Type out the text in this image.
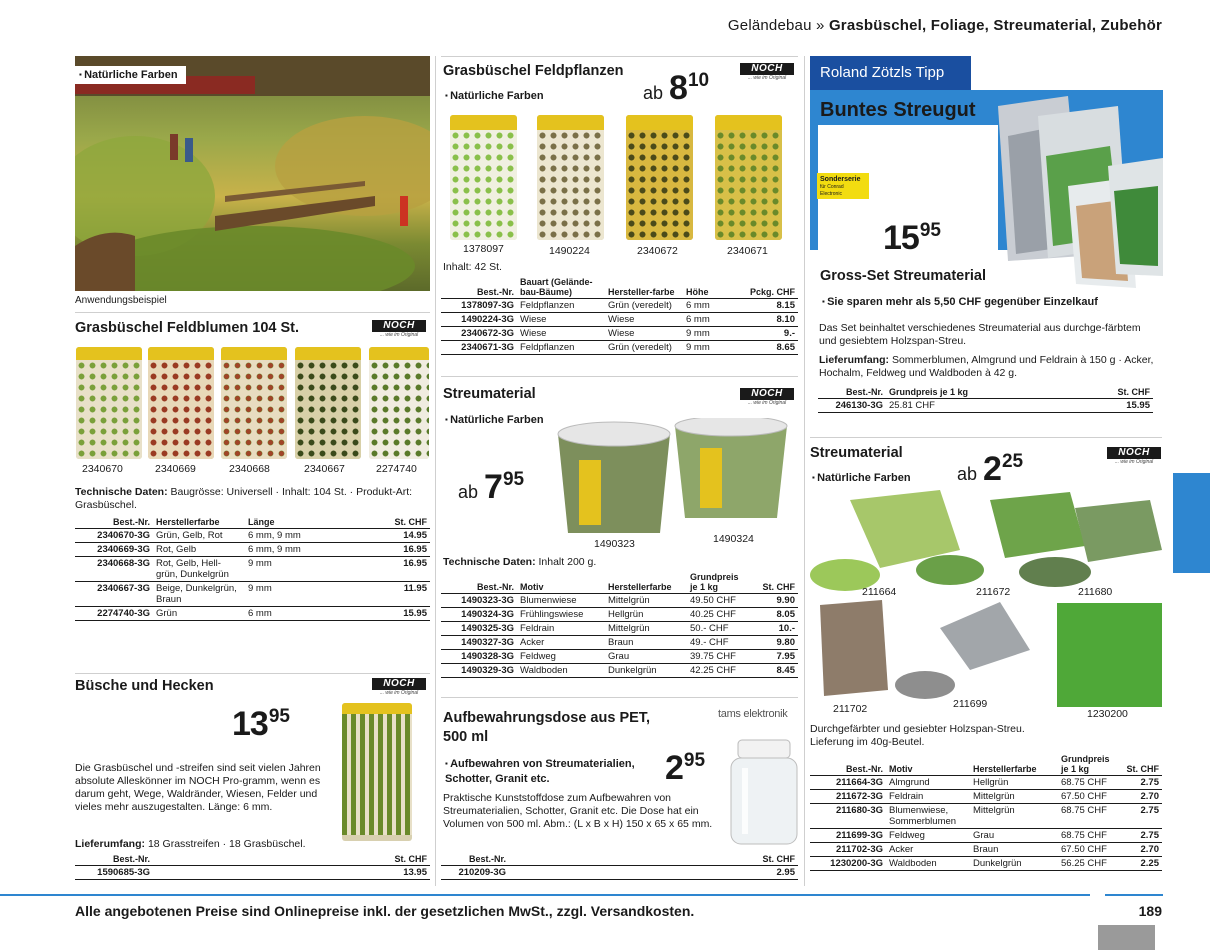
Geländebau » Grasbüschel, Foliage, Streumaterial, Zubehör
▪ Natürliche Farben
Anwendungsbeispiel
Grasbüschel Feldblumen 104 St.	NOCH
... wie im Original
2340670	2340669	2340668	2340667	2274740
Technische Daten: Baugrösse: Universell · Inhalt: 104 St. · Produkt-Art: Grasbüschel.
Best.-Nr.	Herstellerfarbe	Länge	St. CHF
2340670-3G	Grün, Gelb, Rot	6 mm, 9 mm	14.95
2340669-3G	Rot, Gelb	6 mm, 9 mm	16.95
2340668-3G	Rot, Gelb, Hell-grün, Dunkelgrün	9 mm	16.95
2340667-3G	Beige, Dunkelgrün, Braun	9 mm	11.95
2274740-3G	Grün	6 mm	15.95
Büsche und Hecken	NOCH
... wie im Original
13 95
Die Grasbüschel und -streifen sind seit vielen Jahren absolute Alleskönner im NOCH Pro-gramm, wenn es darum geht, Wege, Waldränder, Wiesen, Felder und vieles mehr auszugestalten. Länge: 6 mm.
Lieferumfang: 18 Grasstreifen · 18 Grasbüschel.
Best.-Nr.	St. CHF
1590685-3G	13.95
Grasbüschel Feldpflanzen	NOCH
... wie im Original
▪ Natürliche Farben	ab 8 10
1378097	1490224	2340672	2340671
Inhalt: 42 St.
Best.-Nr.	Bauart (Gelände-bau-Bäume)	Hersteller-farbe	Höhe	Pckg. CHF
1378097-3G	Feldpflanzen	Grün (veredelt)	6 mm	8.15
1490224-3G	Wiese	Wiese	6 mm	8.10
2340672-3G	Wiese	Wiese	9 mm	9.-
2340671-3G	Feldpflanzen	Grün (veredelt)	9 mm	8.65
Streumaterial	NOCH
... wie im Original
▪ Natürliche Farben
ab 7 95
1490323	1490324
Technische Daten: Inhalt 200 g.
Best.-Nr.	Motiv	Herstellerfarbe	Grundpreis je 1 kg	St. CHF
1490323-3G	Blumenwiese	Mittelgrün	49.50 CHF	9.90
1490324-3G	Frühlingswiese	Hellgrün	40.25 CHF	8.05
1490325-3G	Feldrain	Mittelgrün	50.- CHF	10.-
1490327-3G	Acker	Braun	49.- CHF	9.80
1490328-3G	Feldweg	Grau	39.75 CHF	7.95
1490329-3G	Waldboden	Dunkelgrün	42.25 CHF	8.45
Aufbewahrungsdose aus PET, 500 ml
tams elektronik
▪ Aufbewahren von Streumaterialien, Schotter, Granit etc.	2 95
Praktische Kunststoffdose zum Aufbewahren von Streumaterialien, Schotter, Granit etc. Die Dose hat ein Volumen von 500 ml. Abm.: (L x B x H) 150 x 65 x 65 mm.
Best.-Nr.	St. CHF
210209-3G	2.95
Roland Zötzls Tipp
Buntes Streugut
Sonderserie
für Conrad Electronic
15 95
Gross-Set Streumaterial
▪ Sie sparen mehr als 5,50 CHF gegenüber Einzelkauf
Das Set beinhaltet verschiedenes Streumaterial aus durchge-färbtem und gesiebtem Holzspan-Streu.
Lieferumfang: Sommerblumen, Almgrund und Feldrain à 150 g · Acker, Hochalm, Feldweg und Waldboden à 42 g.
Best.-Nr.	Grundpreis je 1 kg	St. CHF
246130-3G	25.81 CHF	15.95
Streumaterial	NOCH
... wie im Original
▪ Natürliche Farben	ab 2 25
211664	211672	211680
211702	211699
1230200
Durchgefärbter und gesiebter Holzspan-Streu. Lieferung im 40g-Beutel.
Best.-Nr.	Motiv	Herstellerfarbe	Grundpreis je 1 kg	St. CHF
211664-3G	Almgrund	Hellgrün	68.75 CHF	2.75
211672-3G	Feldrain	Mittelgrün	67.50 CHF	2.70
211680-3G	Blumenwiese, Sommerblumen	Mittelgrün	68.75 CHF	2.75
211699-3G	Feldweg	Grau	68.75 CHF	2.75
211702-3G	Acker	Braun	67.50 CHF	2.70
1230200-3G	Waldboden	Dunkelgrün	56.25 CHF	2.25
Alle angebotenen Preise sind Onlinepreise inkl. der gesetzlichen MwSt., zzgl. Versandkosten.	189
